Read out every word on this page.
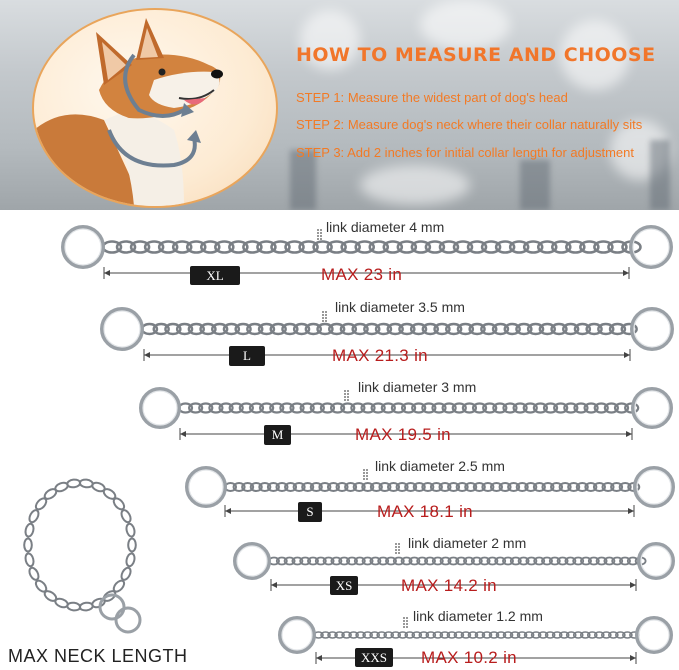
HOW TO MEASURE AND CHOOSE
STEP 1: Measure the widest part of dog's head
STEP 2: Measure dog's neck where their collar naturally sits
STEP 3: Add 2 inches for initial collar length for adjustment
link diameter 4 mm
XL	MAX 23 in
link diameter 3.5 mm
L	MAX 21.3 in
link diameter 3 mm
M	MAX 19.5 in
link diameter 2.5 mm
S	MAX 18.1 in
link diameter 2 mm
XS	MAX 14.2 in
link diameter 1.2 mm
XXS	MAX 10.2 in
MAX NECK LENGTH
